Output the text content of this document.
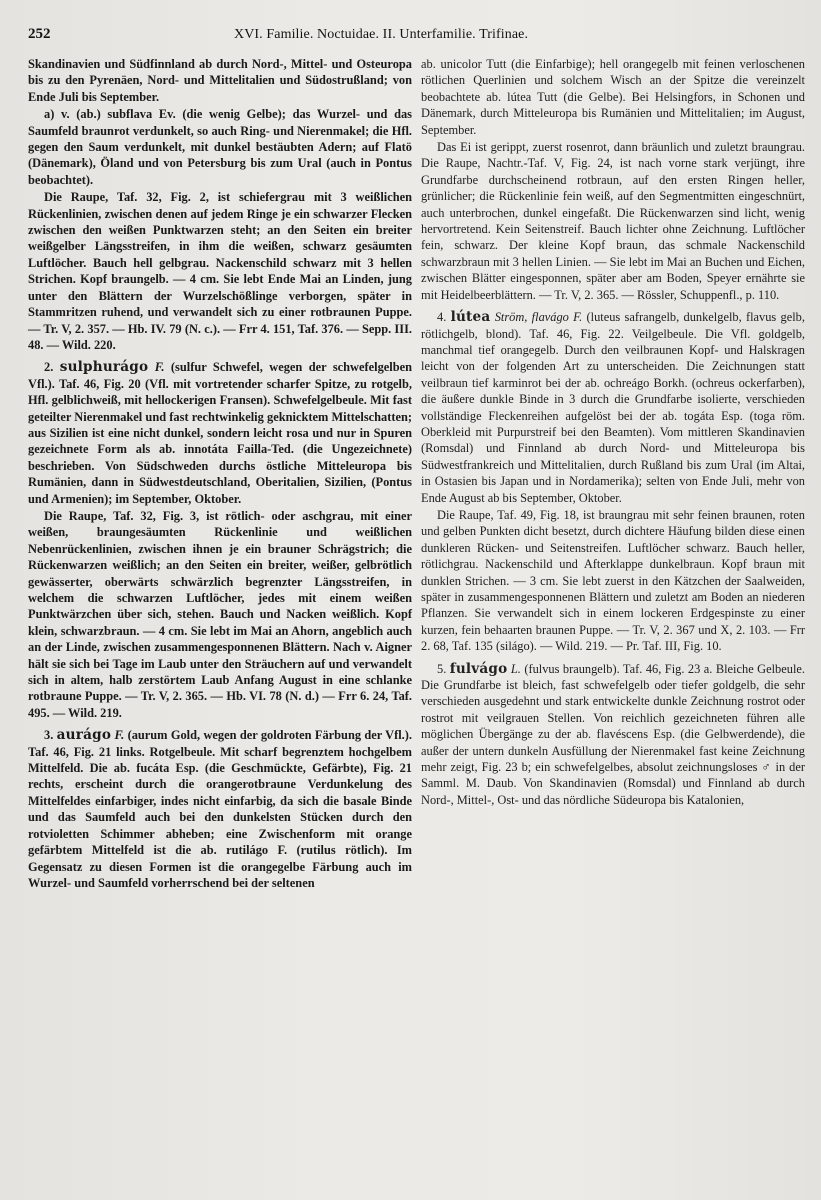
252	XVI. Familie. Noctuidae. II. Unterfamilie. Trifinae.

Skandinavien und Südfinnland ab durch Nord-, Mittel- und Osteuropa bis zu den Pyrenäen, Nord- und Mittelitalien und Südostrußland; von Ende Juli bis September.

a) v. (ab.) subflava Ev. (die wenig Gelbe); das Wurzel- und das Saumfeld braunrot verdunkelt, so auch Ring- und Nierenmakel; die Hfl. gegen den Saum verdunkelt, mit dunkel bestäubten Adern; auf Flatö (Dänemark), Öland und von Petersburg bis zum Ural (auch in Pontus beobachtet).

Die Raupe, Taf. 32, Fig. 2, ist schiefergrau mit 3 weißlichen Rückenlinien, zwischen denen auf jedem Ringe je ein schwarzer Flecken zwischen den weißen Punktwarzen steht; an den Seiten ein breiter weißgelber Längsstreifen, in ihm die weißen, schwarz gesäumten Luftlöcher. Bauch hell gelbgrau. Nackenschild schwarz mit 3 hellen Strichen. Kopf braungelb. — 4 cm. Sie lebt Ende Mai an Linden, jung unter den Blättern der Wurzelschößlinge verborgen, später in Stammritzen ruhend, und verwandelt sich zu einer rotbraunen Puppe. — Tr. V, 2. 357. — Hb. IV. 79 (N. c.). — Frr 4. 151, Taf. 376. — Sepp. III. 48. — Wild. 220.

2. sulphurágo F. (sulfur Schwefel, wegen der schwefelgelben Vfl.). Taf. 46, Fig. 20 (Vfl. mit vortretender scharfer Spitze, zu rotgelb, Hfl. gelblichweiß, mit hellockerigen Fransen). Schwefelgelbeule. Mit fast geteilter Nierenmakel und fast rechtwinkelig geknicktem Mittelschatten; aus Sizilien ist eine nicht dunkel, sondern leicht rosa und nur in Spuren gezeichnete Form als ab. innotáta Failla-Ted. (die Ungezeichnete) beschrieben. Von Südschweden durchs östliche Mitteleuropa bis Rumänien, dann in Südwestdeutschland, Oberitalien, Sizilien, (Pontus und Armenien); im September, Oktober.

Die Raupe, Taf. 32, Fig. 3, ist rötlich- oder aschgrau, mit einer weißen, braungesäumten Rückenlinie und weißlichen Nebenrückenlinien, zwischen ihnen je ein brauner Schrägstrich; die Rückenwarzen weißlich; an den Seiten ein breiter, weißer, gelbrötlich gewässerter, oberwärts schwärzlich begrenzter Längsstreifen, in welchem die schwarzen Luftlöcher, jedes mit einem weißen Punktwärzchen über sich, stehen. Bauch und Nacken weißlich. Kopf klein, schwarzbraun. — 4 cm. Sie lebt im Mai an Ahorn, angeblich auch an der Linde, zwischen zusammengesponnenen Blättern. Nach v. Aigner hält sie sich bei Tage im Laub unter den Sträuchern auf und verwandelt sich in altem, halb zerstörtem Laub Anfang August in eine schlanke rotbraune Puppe. — Tr. V, 2. 365. — Hb. VI. 78 (N. d.) — Frr 6. 24, Taf. 495. — Wild. 219.

3. aurágo F. (aurum Gold, wegen der goldroten Färbung der Vfl.). Taf. 46, Fig. 21 links. Rotgelbeule. Mit scharf begrenztem hochgelbem Mittelfeld. Die ab. fucáta Esp. (die Geschmückte, Gefärbte), Fig. 21 rechts, erscheint durch die orangerotbraune Verdunkelung des Mittelfeldes einfarbiger, indes nicht einfarbig, da sich die basale Binde und das Saumfeld auch bei den dunkelsten Stücken durch den rotvioletten Schimmer abheben; eine Zwischenform mit orange gefärbtem Mittelfeld ist die ab. rutilágo F. (rutilus rötlich). Im Gegensatz zu diesen Formen ist die orangegelbe Färbung auch im Wurzel- und Saumfeld vorherrschend bei der seltenen

ab. unicolor Tutt (die Einfarbige); hell orangegelb mit feinen verloschenen rötlichen Querlinien und solchem Wisch an der Spitze die vereinzelt beobachtete ab. lútea Tutt (die Gelbe). Bei Helsingfors, in Schonen und Dänemark, durch Mitteleuropa bis Rumänien und Mittelitalien; im August, September.

Das Ei ist gerippt, zuerst rosenrot, dann bräunlich und zuletzt braungrau. Die Raupe, Nachtr.-Taf. V, Fig. 24, ist nach vorne stark verjüngt, ihre Grundfarbe durchscheinend rotbraun, auf den ersten Ringen heller, grünlicher; die Rückenlinie fein weiß, auf den Segmentmitten eingeschnürt, auch unterbrochen, dunkel eingefaßt. Die Rückenwarzen sind licht, wenig hervortretend. Kein Seitenstreif. Bauch lichter ohne Zeichnung. Luftlöcher fein, schwarz. Der kleine Kopf braun, das schmale Nackenschild schwarzbraun mit 3 hellen Linien. — Sie lebt im Mai an Buchen und Eichen, zwischen Blätter eingesponnen, später aber am Boden, Speyer ernährte sie mit Heidelbeerblättern. — Tr. V, 2. 365. — Rössler, Schuppenfl., p. 110.

4. lútea Ström, flavágo F. (luteus safrangelb, dunkelgelb, flavus gelb, rötlichgelb, blond). Taf. 46, Fig. 22. Veilgelbeule. Die Vfl. goldgelb, manchmal tief orangegelb. Durch den veilbraunen Kopf- und Halskragen leicht von der folgenden Art zu unterscheiden. Die Zeichnungen statt veilbraun tief karminrot bei der ab. ochreágo Borkh. (ochreus ockerfarben), die äußere dunkle Binde in 3 durch die Grundfarbe isolierte, verschieden vollständige Fleckenreihen aufgelöst bei der ab. togáta Esp. (toga röm. Oberkleid mit Purpurstreif bei den Beamten). Vom mittleren Skandinavien (Romsdal) und Finnland ab durch Nord- und Mitteleuropa bis Südwestfrankreich und Mittelitalien, durch Rußland bis zum Ural (im Altai, in Ostasien bis Japan und in Nordamerika); selten von Ende Juli, mehr von Ende August ab bis September, Oktober.

Die Raupe, Taf. 49, Fig. 18, ist braungrau mit sehr feinen braunen, roten und gelben Punkten dicht besetzt, durch dichtere Häufung bilden diese einen dunkleren Rücken- und Seitenstreifen. Luftlöcher schwarz. Bauch heller, rötlichgrau. Nackenschild und Afterklappe dunkelbraun. Kopf braun mit dunklen Strichen. — 3 cm. Sie lebt zuerst in den Kätzchen der Saalweiden, später in zusammengesponnenen Blättern und zuletzt am Boden an niederen Pflanzen. Sie verwandelt sich in einem lockeren Erdgespinste zu einer kurzen, fein behaarten braunen Puppe. — Tr. V, 2. 367 und X, 2. 103. — Frr 2. 68, Taf. 135 (silágo). — Wild. 219. — Pr. Taf. III, Fig. 10.

5. fulvágo L. (fulvus braungelb). Taf. 46, Fig. 23 a. Bleiche Gelbeule. Die Grundfarbe ist bleich, fast schwefelgelb oder tiefer goldgelb, die sehr verschieden ausgedehnt und stark entwickelte dunkle Zeichnung rostrot oder rostrot mit veilgrauen Stellen. Von reichlich gezeichneten führen alle möglichen Übergänge zu der ab. flavéscens Esp. (die Gelbwerdende), die außer der untern dunkeln Ausfüllung der Nierenmakel fast keine Zeichnung mehr zeigt, Fig. 23 b; ein schwefelgelbes, absolut zeichnungsloses ♂ in der Samml. M. Daub. Von Skandinavien (Romsdal) und Finnland ab durch Nord-, Mittel-, Ost- und das nördliche Südeuropa bis Katalonien,
